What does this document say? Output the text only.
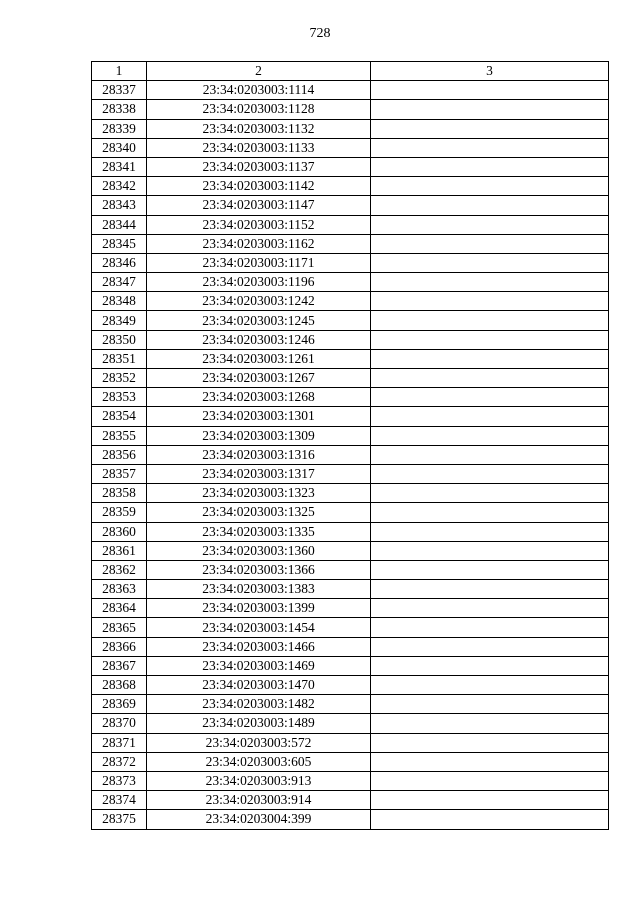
728
1	2	3
28337	23:34:0203003:1114	
28338	23:34:0203003:1128	
28339	23:34:0203003:1132	
28340	23:34:0203003:1133	
28341	23:34:0203003:1137	
28342	23:34:0203003:1142	
28343	23:34:0203003:1147	
28344	23:34:0203003:1152	
28345	23:34:0203003:1162	
28346	23:34:0203003:1171	
28347	23:34:0203003:1196	
28348	23:34:0203003:1242	
28349	23:34:0203003:1245	
28350	23:34:0203003:1246	
28351	23:34:0203003:1261	
28352	23:34:0203003:1267	
28353	23:34:0203003:1268	
28354	23:34:0203003:1301	
28355	23:34:0203003:1309	
28356	23:34:0203003:1316	
28357	23:34:0203003:1317	
28358	23:34:0203003:1323	
28359	23:34:0203003:1325	
28360	23:34:0203003:1335	
28361	23:34:0203003:1360	
28362	23:34:0203003:1366	
28363	23:34:0203003:1383	
28364	23:34:0203003:1399	
28365	23:34:0203003:1454	
28366	23:34:0203003:1466	
28367	23:34:0203003:1469	
28368	23:34:0203003:1470	
28369	23:34:0203003:1482	
28370	23:34:0203003:1489	
28371	23:34:0203003:572	
28372	23:34:0203003:605	
28373	23:34:0203003:913	
28374	23:34:0203003:914	
28375	23:34:0203004:399	
